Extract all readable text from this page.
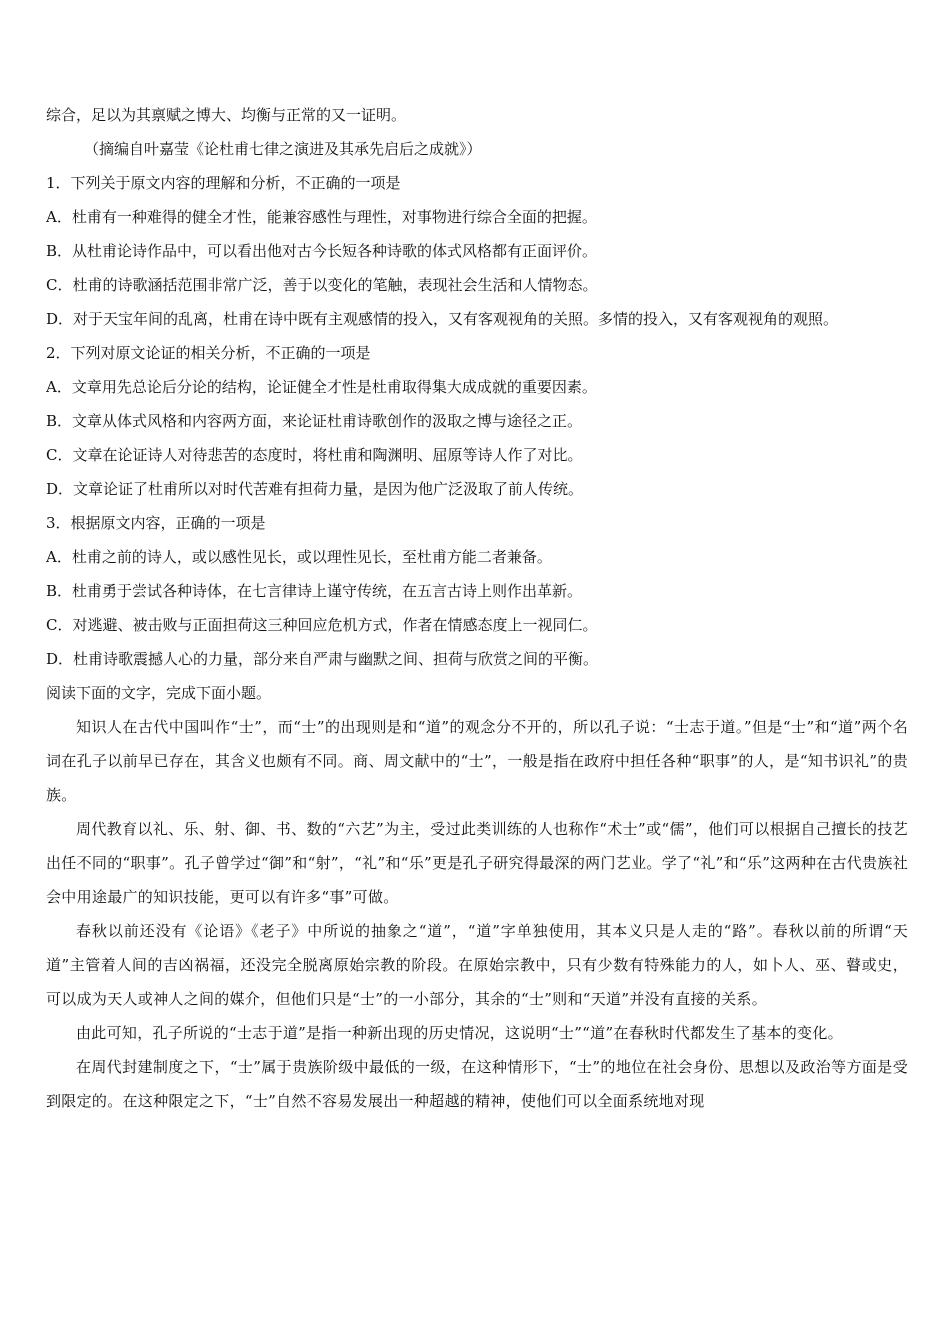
综合，足以为其禀赋之博大、均衡与正常的又一证明。
（摘编自叶嘉莹《论杜甫七律之演进及其承先启后之成就》）
1．下列关于原文内容的理解和分析，不正确的一项是
A．杜甫有一种难得的健全才性，能兼容感性与理性，对事物进行综合全面的把握。
B．从杜甫论诗作品中，可以看出他对古今长短各种诗歌的体式风格都有正面评价。
C．杜甫的诗歌涵括范围非常广泛，善于以变化的笔触，表现社会生活和人情物态。

D．对于天宝年间的乱离，杜甫在诗中既有主观感情的投入，又有客观视角的关照。多情的投入，又有客观视角的观照。

2．下列对原文论证的相关分析，不正确的一项是
A．文章用先总论后分论的结构，论证健全才性是杜甫取得集大成成就的重要因素。
B．文章从体式风格和内容两方面，来论证杜甫诗歌创作的汲取之博与途径之正。
C．文章在论证诗人对待悲苦的态度时，将杜甫和陶渊明、屈原等诗人作了对比。
D．文章论证了杜甫所以对时代苦难有担荷力量，是因为他广泛汲取了前人传统。
3．根据原文内容，正确的一项是
A．杜甫之前的诗人，或以感性见长，或以理性见长，至杜甫方能二者兼备。
B．杜甫勇于尝试各种诗体，在七言律诗上谨守传统，在五言古诗上则作出革新。
C．对逃避、被击败与正面担荷这三种回应危机方式，作者在情感态度上一视同仁。
D．杜甫诗歌震撼人心的力量，部分来自严肃与幽默之间、担荷与欣赏之间的平衡。
阅读下面的文字，完成下面小题。

知识人在古代中国叫作“士”，而“士”的出现则是和“道”的观念分不开的，所以孔子说：“士志于道。”但是“士”和“道”两个名词在孔子以前早已存在，其含义也颇有不同。商、周文献中的“士”，一般是指在政府中担任各种“职事”的人，是“知书识礼”的贵族。

周代教育以礼、乐、射、御、书、数的“六艺”为主，受过此类训练的人也称作“术士”或“儒”，他们可以根据自己擅长的技艺出任不同的“职事”。孔子曾学过“御”和“射”，“礼”和“乐”更是孔子研究得最深的两门艺业。学了“礼”和“乐”这两种在古代贵族社会中用途最广的知识技能，更可以有许多“事”可做。

春秋以前还没有《论语》《老子》中所说的抽象之“道”，“道”字单独使用，其本义只是人走的“路”。春秋以前的所谓“天道”主管着人间的吉凶祸福，还没完全脱离原始宗教的阶段。在原始宗教中，只有少数有特殊能力的人，如卜人、巫、瞽或史，可以成为天人或神人之间的媒介，但他们只是“士”的一小部分，其余的“士”则和“天道”并没有直接的关系。

由此可知，孔子所说的“士志于道”是指一种新出现的历史情况，这说明“士”“道”在春秋时代都发生了基本的变化。

在周代封建制度之下，“士”属于贵族阶级中最低的一级，在这种情形下，“士”的地位在社会身份、思想以及政治等方面是受到限定的。在这种限定之下，“士”自然不容易发展出一种超越的精神，使他们可以全面系统地对现
